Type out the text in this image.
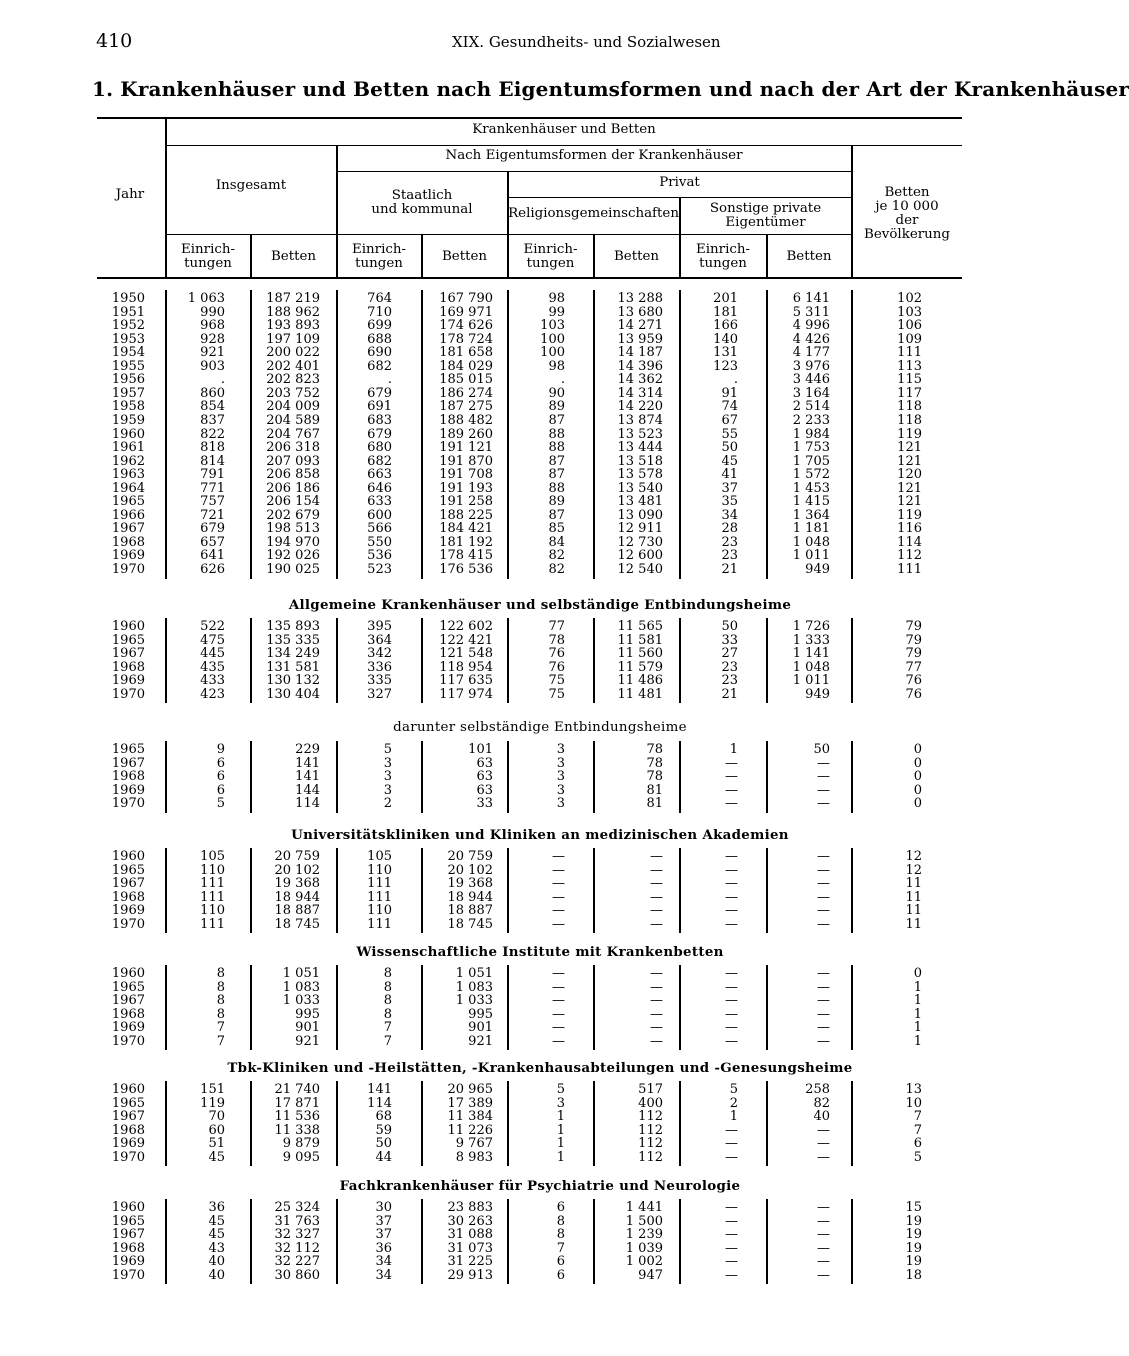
410	XIX. Gesundheits- und Sozialwesen
1. Krankenhäuser und Betten nach Eigentumsformen und nach der Art der Krankenhäuser
Jahr
Krankenhäuser und Betten
Insgesamt
Nach Eigentumsformen der Krankenhäuser
Staatlich
und kommunal
Privat
Religionsgemeinschaften	Sonstige private
Eigentümer
Betten
je 10 000
der
Bevölkerung
Einrich-
tungen	Betten	Einrich-
tungen	Betten	Einrich-
tungen	Betten	Einrich-
tungen	Betten
1950	1 063	187 219	764	167 790	98	13 288	201	6 141	102
1951	990	188 962	710	169 971	99	13 680	181	5 311	103
1952	968	193 893	699	174 626	103	14 271	166	4 996	106
1953	928	197 109	688	178 724	100	13 959	140	4 426	109
1954	921	200 022	690	181 658	100	14 187	131	4 177	111
1955	903	202 401	682	184 029	98	14 396	123	3 976	113
1956	.	202 823	.	185 015	.	14 362	.	3 446	115
1957	860	203 752	679	186 274	90	14 314	91	3 164	117
1958	854	204 009	691	187 275	89	14 220	74	2 514	118
1959	837	204 589	683	188 482	87	13 874	67	2 233	118
1960	822	204 767	679	189 260	88	13 523	55	1 984	119
1961	818	206 318	680	191 121	88	13 444	50	1 753	121
1962	814	207 093	682	191 870	87	13 518	45	1 705	121
1963	791	206 858	663	191 708	87	13 578	41	1 572	120
1964	771	206 186	646	191 193	88	13 540	37	1 453	121
1965	757	206 154	633	191 258	89	13 481	35	1 415	121
1966	721	202 679	600	188 225	87	13 090	34	1 364	119
1967	679	198 513	566	184 421	85	12 911	28	1 181	116
1968	657	194 970	550	181 192	84	12 730	23	1 048	114
1969	641	192 026	536	178 415	82	12 600	23	1 011	112
1970	626	190 025	523	176 536	82	12 540	21	949	111
Allgemeine Krankenhäuser und selbständige Entbindungsheime
1960	522	135 893	395	122 602	77	11 565	50	1 726	79
1965	475	135 335	364	122 421	78	11 581	33	1 333	79
1967	445	134 249	342	121 548	76	11 560	27	1 141	79
1968	435	131 581	336	118 954	76	11 579	23	1 048	77
1969	433	130 132	335	117 635	75	11 486	23	1 011	76
1970	423	130 404	327	117 974	75	11 481	21	949	76
darunter selbständige Entbindungsheime
1965	9	229	5	101	3	78	1	50	0
1967	6	141	3	63	3	78	—	—	0
1968	6	141	3	63	3	78	—	—	0
1969	6	144	3	63	3	81	—	—	0
1970	5	114	2	33	3	81	—	—	0
Universitätskliniken und Kliniken an medizinischen Akademien
1960	105	20 759	105	20 759	—	—	—	—	12
1965	110	20 102	110	20 102	—	—	—	—	12
1967	111	19 368	111	19 368	—	—	—	—	11
1968	111	18 944	111	18 944	—	—	—	—	11
1969	110	18 887	110	18 887	—	—	—	—	11
1970	111	18 745	111	18 745	—	—	—	—	11
Wissenschaftliche Institute mit Krankenbetten
1960	8	1 051	8	1 051	—	—	—	—	0
1965	8	1 083	8	1 083	—	—	—	—	1
1967	8	1 033	8	1 033	—	—	—	—	1
1968	8	995	8	995	—	—	—	—	1
1969	7	901	7	901	—	—	—	—	1
1970	7	921	7	921	—	—	—	—	1
Tbk-Kliniken und -Heilstätten, -Krankenhausabteilungen und -Genesungsheime
1960	151	21 740	141	20 965	5	517	5	258	13
1965	119	17 871	114	17 389	3	400	2	82	10
1967	70	11 536	68	11 384	1	112	1	40	7
1968	60	11 338	59	11 226	1	112	—	—	7
1969	51	9 879	50	9 767	1	112	—	—	6
1970	45	9 095	44	8 983	1	112	—	—	5
Fachkrankenhäuser für Psychiatrie und Neurologie
1960	36	25 324	30	23 883	6	1 441	—	—	15
1965	45	31 763	37	30 263	8	1 500	—	—	19
1967	45	32 327	37	31 088	8	1 239	—	—	19
1968	43	32 112	36	31 073	7	1 039	—	—	19
1969	40	32 227	34	31 225	6	1 002	—	—	19
1970	40	30 860	34	29 913	6	947	—	—	18
